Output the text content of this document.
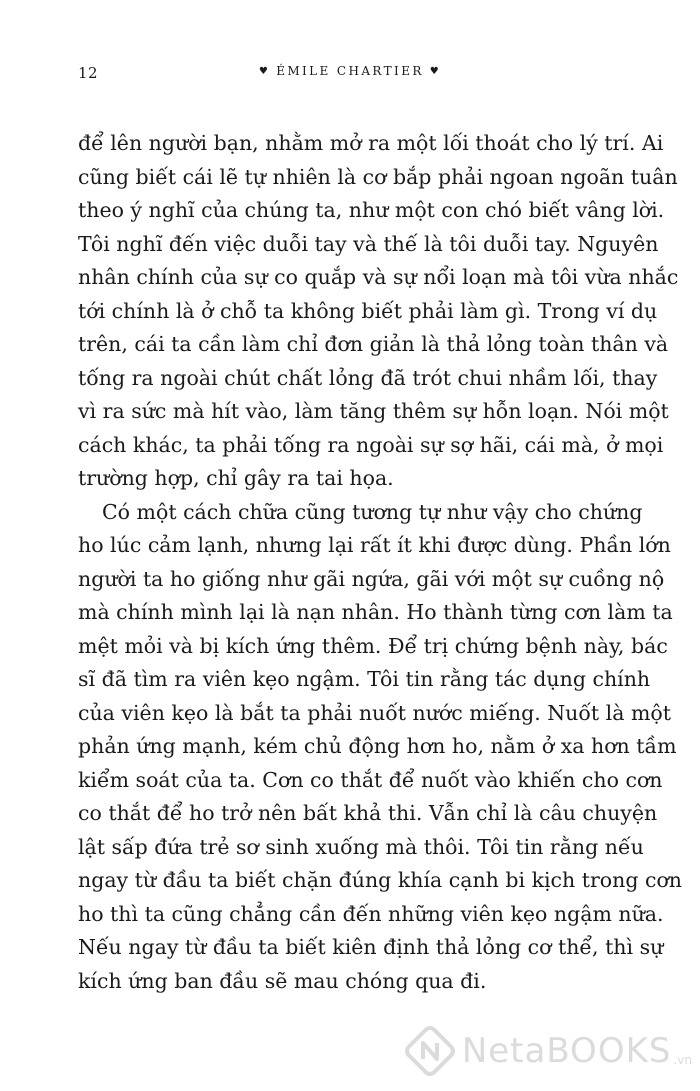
12	♥ ÉMILE CHARTIER ♥
để lên người bạn, nhằm mở ra một lối thoát cho lý trí. Ai
cũng biết cái lẽ tự nhiên là cơ bắp phải ngoan ngoãn tuân
theo ý nghĩ của chúng ta, như một con chó biết vâng lời.
Tôi nghĩ đến việc duỗi tay và thế là tôi duỗi tay. Nguyên
nhân chính của sự co quắp và sự nổi loạn mà tôi vừa nhắc
tới chính là ở chỗ ta không biết phải làm gì. Trong ví dụ
trên, cái ta cần làm chỉ đơn giản là thả lỏng toàn thân và
tống ra ngoài chút chất lỏng đã trót chui nhầm lối, thay
vì ra sức mà hít vào, làm tăng thêm sự hỗn loạn. Nói một
cách khác, ta phải tống ra ngoài sự sợ hãi, cái mà, ở mọi
trường hợp, chỉ gây ra tai họa.
Có một cách chữa cũng tương tự như vậy cho chứng
ho lúc cảm lạnh, nhưng lại rất ít khi được dùng. Phần lớn
người ta ho giống như gãi ngứa, gãi với một sự cuồng nộ
mà chính mình lại là nạn nhân. Ho thành từng cơn làm ta
mệt mỏi và bị kích ứng thêm. Để trị chứng bệnh này, bác
sĩ đã tìm ra viên kẹo ngậm. Tôi tin rằng tác dụng chính
của viên kẹo là bắt ta phải nuốt nước miếng. Nuốt là một
phản ứng mạnh, kém chủ động hơn ho, nằm ở xa hơn tầm
kiểm soát của ta. Cơn co thắt để nuốt vào khiến cho cơn
co thắt để ho trở nên bất khả thi. Vẫn chỉ là câu chuyện
lật sấp đứa trẻ sơ sinh xuống mà thôi. Tôi tin rằng nếu
ngay từ đầu ta biết chặn đúng khía cạnh bi kịch trong cơn
ho thì ta cũng chẳng cần đến những viên kẹo ngậm nữa.
Nếu ngay từ đầu ta biết kiên định thả lỏng cơ thể, thì sự
kích ứng ban đầu sẽ mau chóng qua đi.
NetaBOOKS .vn
